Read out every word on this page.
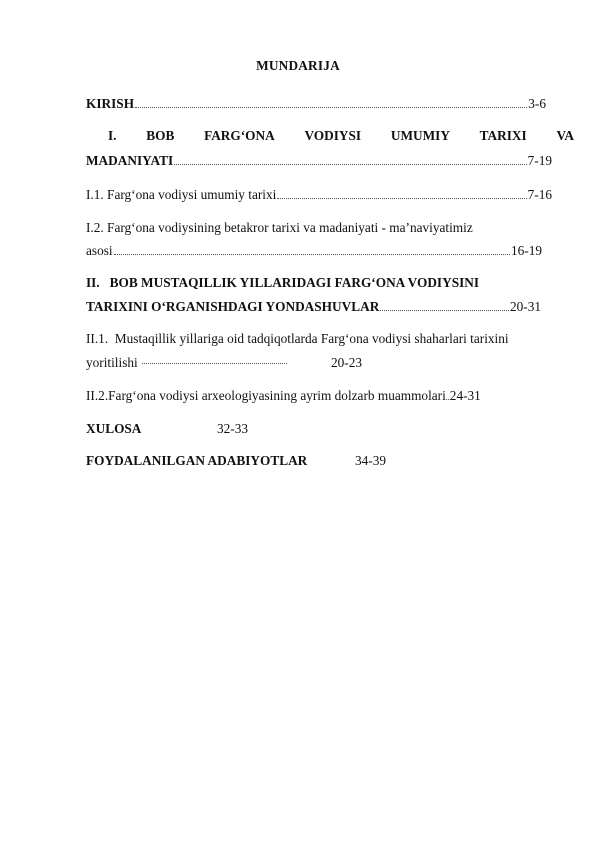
MUNDARIJA
KIRISH	3-6
I. BOB FARG‘ONA VODIYSI UMUMIY TARIXI VA
MADANIYATI	7-19
I.1. Farg‘ona vodiysi umumiy tarixi	7-16
I.2. Farg‘ona vodiysining betakror tarixi va madaniyati - ma’naviyatimiz
asosi	16-19
II.   BOB MUSTAQILLIK YILLARIDAGI FARG‘ONA VODIYSINI
TARIXINI O‘RGANISHDAGI YONDASHUVLAR	20-31
II.1.  Mustaqillik yillariga oid tadqiqotlarda Farg‘ona vodiysi shaharlari tarixini
yoritilishi	20-23
II.2.Farg‘ona vodiysi arxeologiyasining ayrim dolzarb muammolari..24-31
XULOSA	32-33
FOYDALANILGAN ADABIYOTLAR	34-39
